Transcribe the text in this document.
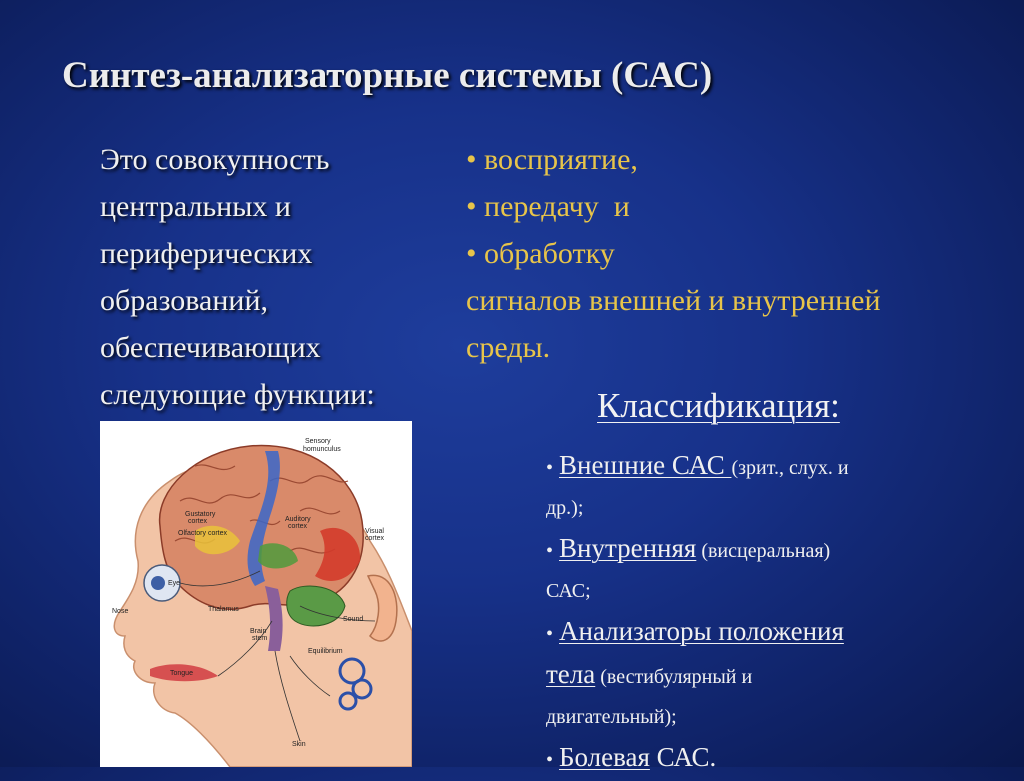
Синтез-анализаторные системы (САС)
Это совокупность
центральных и
периферических
образований,
обеспечивающих
следующие функции:
• восприятие,
• передачу  и
• обработку
сигналов внешней и внутренней
среды.
Классификация:
• Внешние САС (зрит., слух. и
др.);
• Внутренняя (висцеральная)
САС;
• Анализаторы положения
тела (вестибулярный и
двигательный);
• Болевая САС.
Sensory
homunculus
Gustatory
cortex
Olfactory cortex
Auditory
cortex
Visual
cortex
Eye
Nose	Thalamus
Brain
stem
Sound
Equilibrium
Tongue
Skin
